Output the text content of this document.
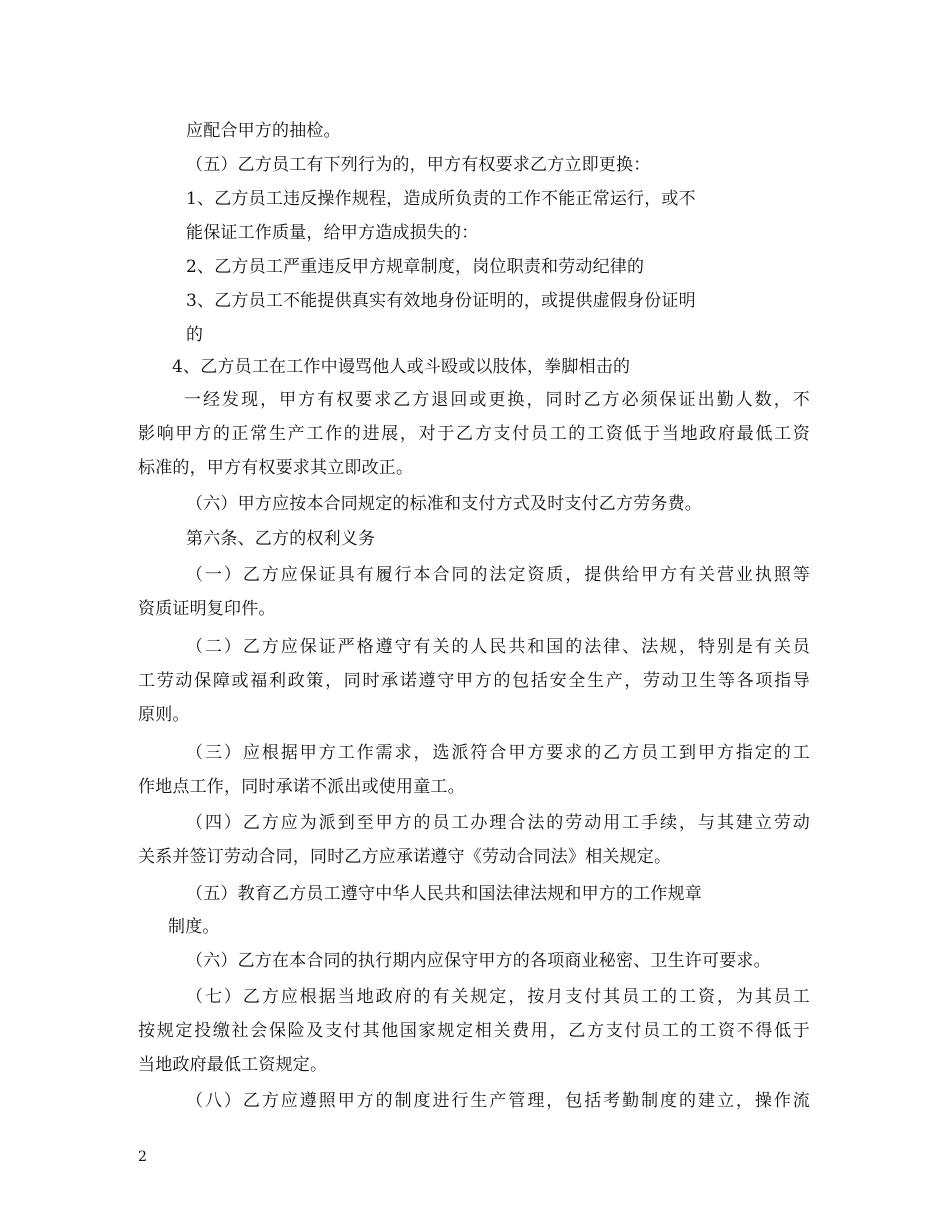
应配合甲方的抽检。
（五）乙方员工有下列行为的，甲方有权要求乙方立即更换：
1、乙方员工违反操作规程，造成所负责的工作不能正常运行，或不
能保证工作质量，给甲方造成损失的：
2、乙方员工严重违反甲方规章制度，岗位职责和劳动纪律的
3、乙方员工不能提供真实有效地身份证明的，或提供虚假身份证明
的
4、乙方员工在工作中谩骂他人或斗殴或以肢体，拳脚相击的
一经发现，甲方有权要求乙方退回或更换，同时乙方必须保证出勤人数，不
影响甲方的正常生产工作的进展，对于乙方支付员工的工资低于当地政府最低工资
标准的，甲方有权要求其立即改正。
（六）甲方应按本合同规定的标准和支付方式及时支付乙方劳务费。
第六条、乙方的权利义务
（一）乙方应保证具有履行本合同的法定资质，提供给甲方有关营业执照等
资质证明复印件。
（二）乙方应保证严格遵守有关的人民共和国的法律、法规，特别是有关员
工劳动保障或福利政策，同时承诺遵守甲方的包括安全生产，劳动卫生等各项指导
原则。
（三）应根据甲方工作需求，选派符合甲方要求的乙方员工到甲方指定的工
作地点工作，同时承诺不派出或使用童工。
（四）乙方应为派到至甲方的员工办理合法的劳动用工手续，与其建立劳动
关系并签订劳动合同，同时乙方应承诺遵守《劳动合同法》相关规定。
（五）教育乙方员工遵守中华人民共和国法律法规和甲方的工作规章
制度。
（六）乙方在本合同的执行期内应保守甲方的各项商业秘密、卫生许可要求。
（七）乙方应根据当地政府的有关规定，按月支付其员工的工资，为其员工
按规定投缴社会保险及支付其他国家规定相关费用，乙方支付员工的工资不得低于
当地政府最低工资规定。
（八）乙方应遵照甲方的制度进行生产管理，包括考勤制度的建立，操作流
2
